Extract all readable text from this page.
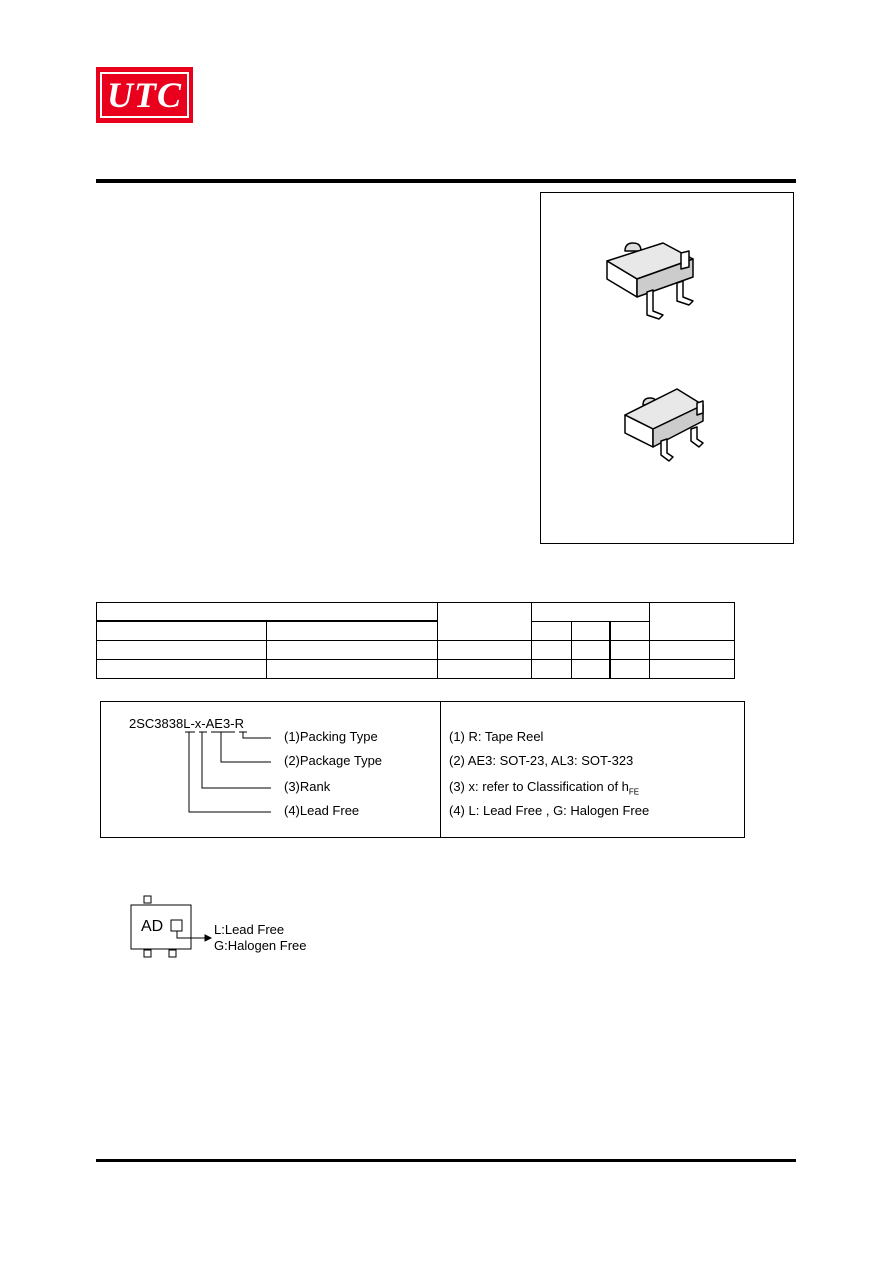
UTC

2SC3838L-x-AE3-R
(1)Packing Type
(2)Package Type
(3)Rank
(4)Lead Free
(1) R: Tape Reel
(2) AE3: SOT-23, AL3: SOT-323
(3) x: refer to Classification of $h_{FE}$
(4) L: Lead Free , G: Halogen Free
AD	L:Lead Free
G:Halogen Free
